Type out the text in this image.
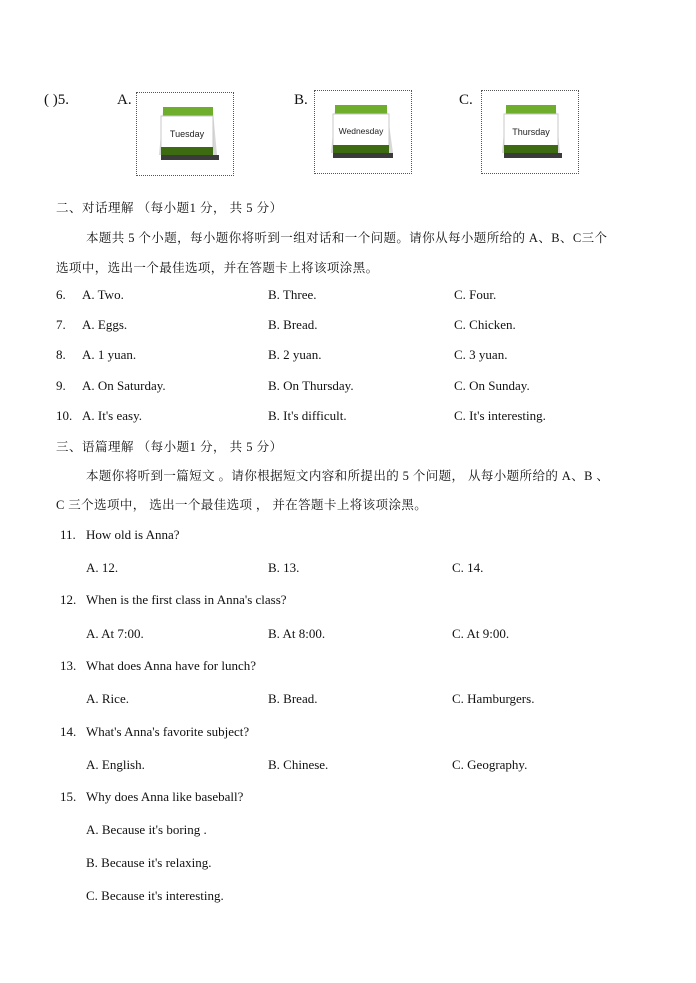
( )5.	A.
Tuesday
B.
Wednesday
C.
Thursday
二、对话理解 （每小题1 分， 共 5 分）
本题共 5 个小题，每小题你将听到一组对话和一个问题。请你从每小题所给的 A、B、C三个
选项中，选出一个最佳选项，并在答题卡上将该项涂黑。
6. A. Two.	B. Three.	C. Four.
7. A. Eggs.	B. Bread.	C. Chicken.
8. A. 1 yuan.	B. 2 yuan.	C. 3 yuan.
9. A. On Saturday.	B. On Thursday.	C. On Sunday.
10. A. It's easy.	B. It's difficult.	C. It's interesting.
三、语篇理解 （每小题1 分， 共 5 分）
本题你将听到一篇短文 。请你根据短文内容和所提出的 5 个问题， 从每小题所给的 A、B 、
C 三个选项中， 选出一个最佳选项 ， 并在答题卡上将该项涂黑。
11. How old is Anna?
A. 12.	B. 13.	C. 14.
12. When is the first class in Anna's class?
A. At 7:00.	B. At 8:00.	C. At 9:00.
13. What does Anna have for lunch?
A. Rice.	B. Bread.	C. Hamburgers.
14. What's Anna's favorite subject?
A. English.	B. Chinese.	C. Geography.
15. Why does Anna like baseball?
A. Because it's boring .
B. Because it's relaxing.
C. Because it's interesting.
